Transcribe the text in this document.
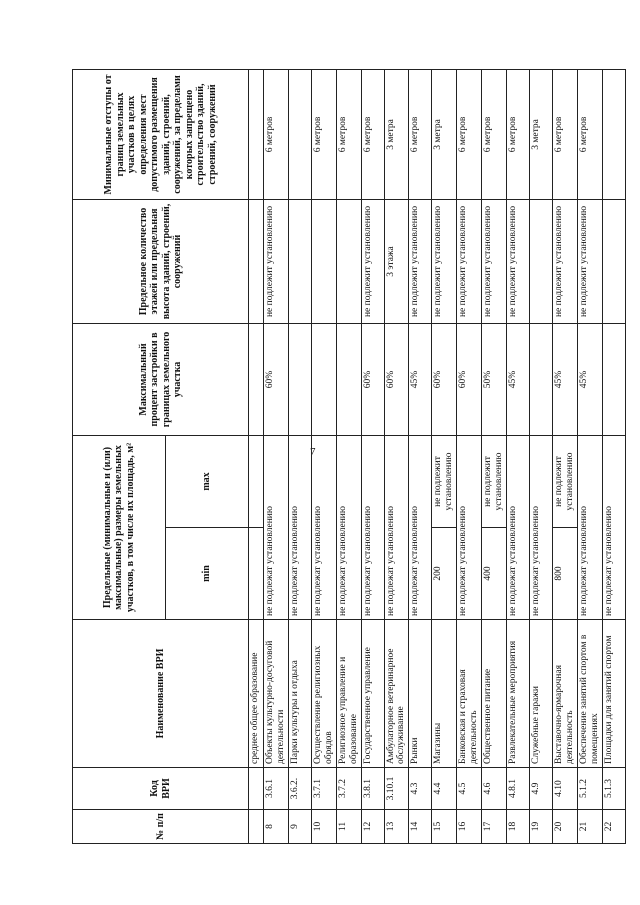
7
№ п/п	Код ВРИ	Наименование ВРИ	Предельные (минимальные и (или) максимальные) размеры земельных участков, в том числе их площадь, м²		Максимальный процент застройки в границах земельного участка	Предельное количество этажей или предельная высота зданий, строений, сооружений	Минимальные отступы от границ земельных участков в целях определения мест допустимого размещения зданий, строений, сооружений, за пределами которых запрещено строительство зданий, строений, сооружений
			min	max			
		среднее общее образование					
8	3.6.1	Объекты культурно-досуговой деятельности	не подлежат установлению		60%	не подлежит установлению	6 метров
9	3.6.2.	Парки культуры и отдыха	не подлежат установлению				
10	3.7.1	Осуществление религиозных обрядов	не подлежат установлению				6 метров
11	3.7.2	Религиозное управление и образование	не подлежат установлению				6 метров
12	3.8.1	Государственное управление	не подлежат установлению		60%	не подлежит установлению	6 метров
13	3.10.1	Амбулаторное ветеринарное обслуживание	не подлежат установлению		60%	3 этажа	3 метра
14	4.3	Рынки	не подлежат установлению		45%	не подлежит установлению	6 метров
15	4.4	Магазины	200	не подлежит установлению	60%	не подлежит установлению	3 метра
16	4.5	Банковская и страховая деятельность	не подлежат установлению		60%	не подлежит установлению	6 метров
17	4.6	Общественное питание	400	не подлежит установлению	50%	не подлежит установлению	6 метров
18	4.8.1	Развлекательные мероприятия	не подлежат установлению		45%	не подлежит установлению	6 метров
19	4.9	Служебные гаражи	не подлежат установлению				3 метра
20	4.10	Выставочно-ярмарочная деятельность	800	не подлежит установлению	45%	не подлежит установлению	6 метров
21	5.1.2	Обеспечение занятий спортом в помещениях	не подлежат установлению		45%	не подлежит установлению	6 метров
22	5.1.3	Площадки для занятий спортом	не подлежат установлению				
